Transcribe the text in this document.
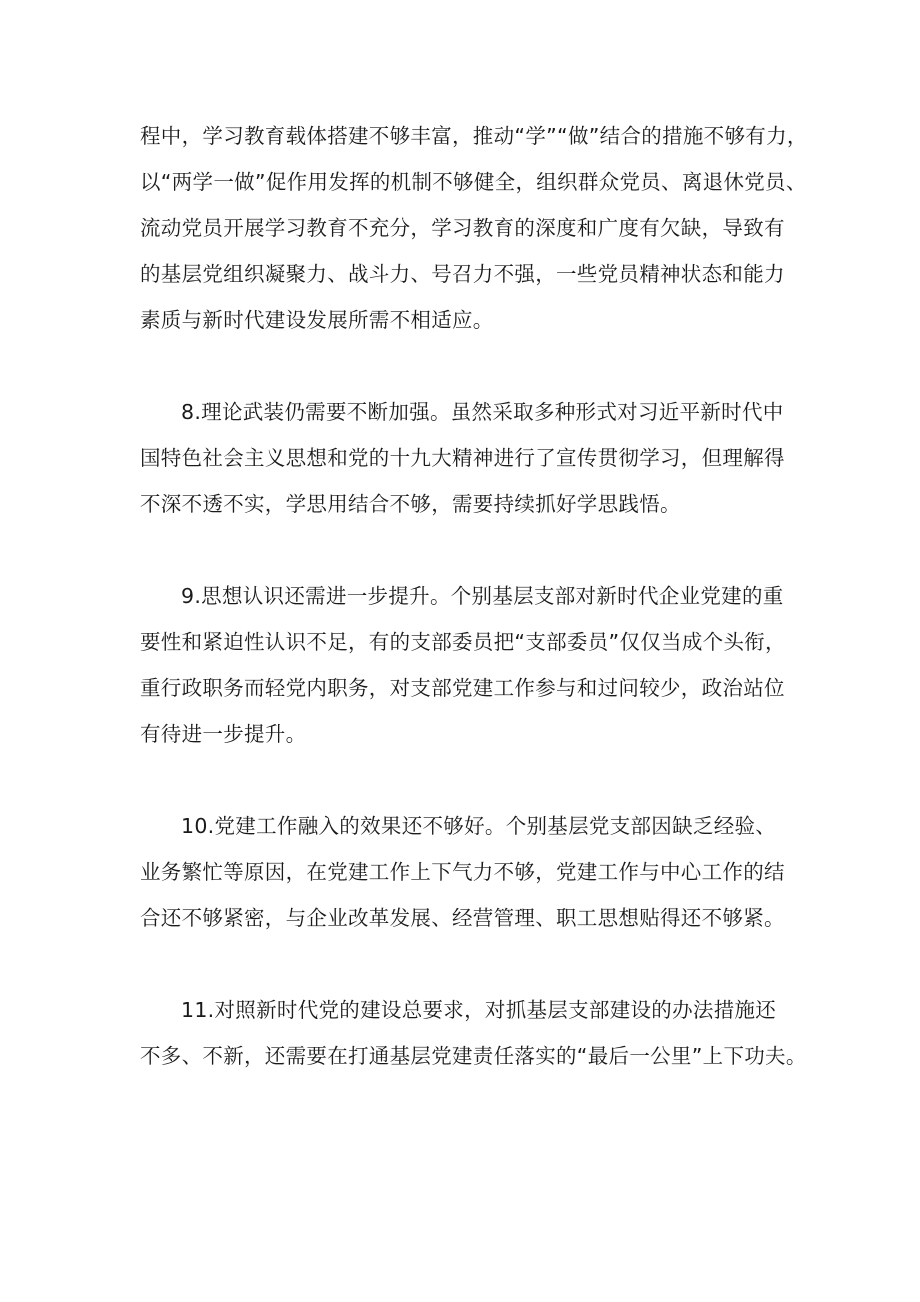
程中，学习教育载体搭建不够丰富，推动“学”“做”结合的措施不够有力，
以“两学一做”促作用发挥的机制不够健全，组织群众党员、离退休党员、
流动党员开展学习教育不充分，学习教育的深度和广度有欠缺，导致有
的基层党组织凝聚力、战斗力、号召力不强，一些党员精神状态和能力
素质与新时代建设发展所需不相适应。
8.理论武装仍需要不断加强。虽然采取多种形式对习近平新时代中
国特色社会主义思想和党的十九大精神进行了宣传贯彻学习，但理解得
不深不透不实，学思用结合不够，需要持续抓好学思践悟。
9.思想认识还需进一步提升。个别基层支部对新时代企业党建的重
要性和紧迫性认识不足，有的支部委员把“支部委员”仅仅当成个头衔，
重行政职务而轻党内职务，对支部党建工作参与和过问较少，政治站位
有待进一步提升。
10.党建工作融入的效果还不够好。个别基层党支部因缺乏经验、
业务繁忙等原因，在党建工作上下气力不够，党建工作与中心工作的结
合还不够紧密，与企业改革发展、经营管理、职工思想贴得还不够紧。
11.对照新时代党的建设总要求，对抓基层支部建设的办法措施还
不多、不新，还需要在打通基层党建责任落实的“最后一公里”上下功夫。
